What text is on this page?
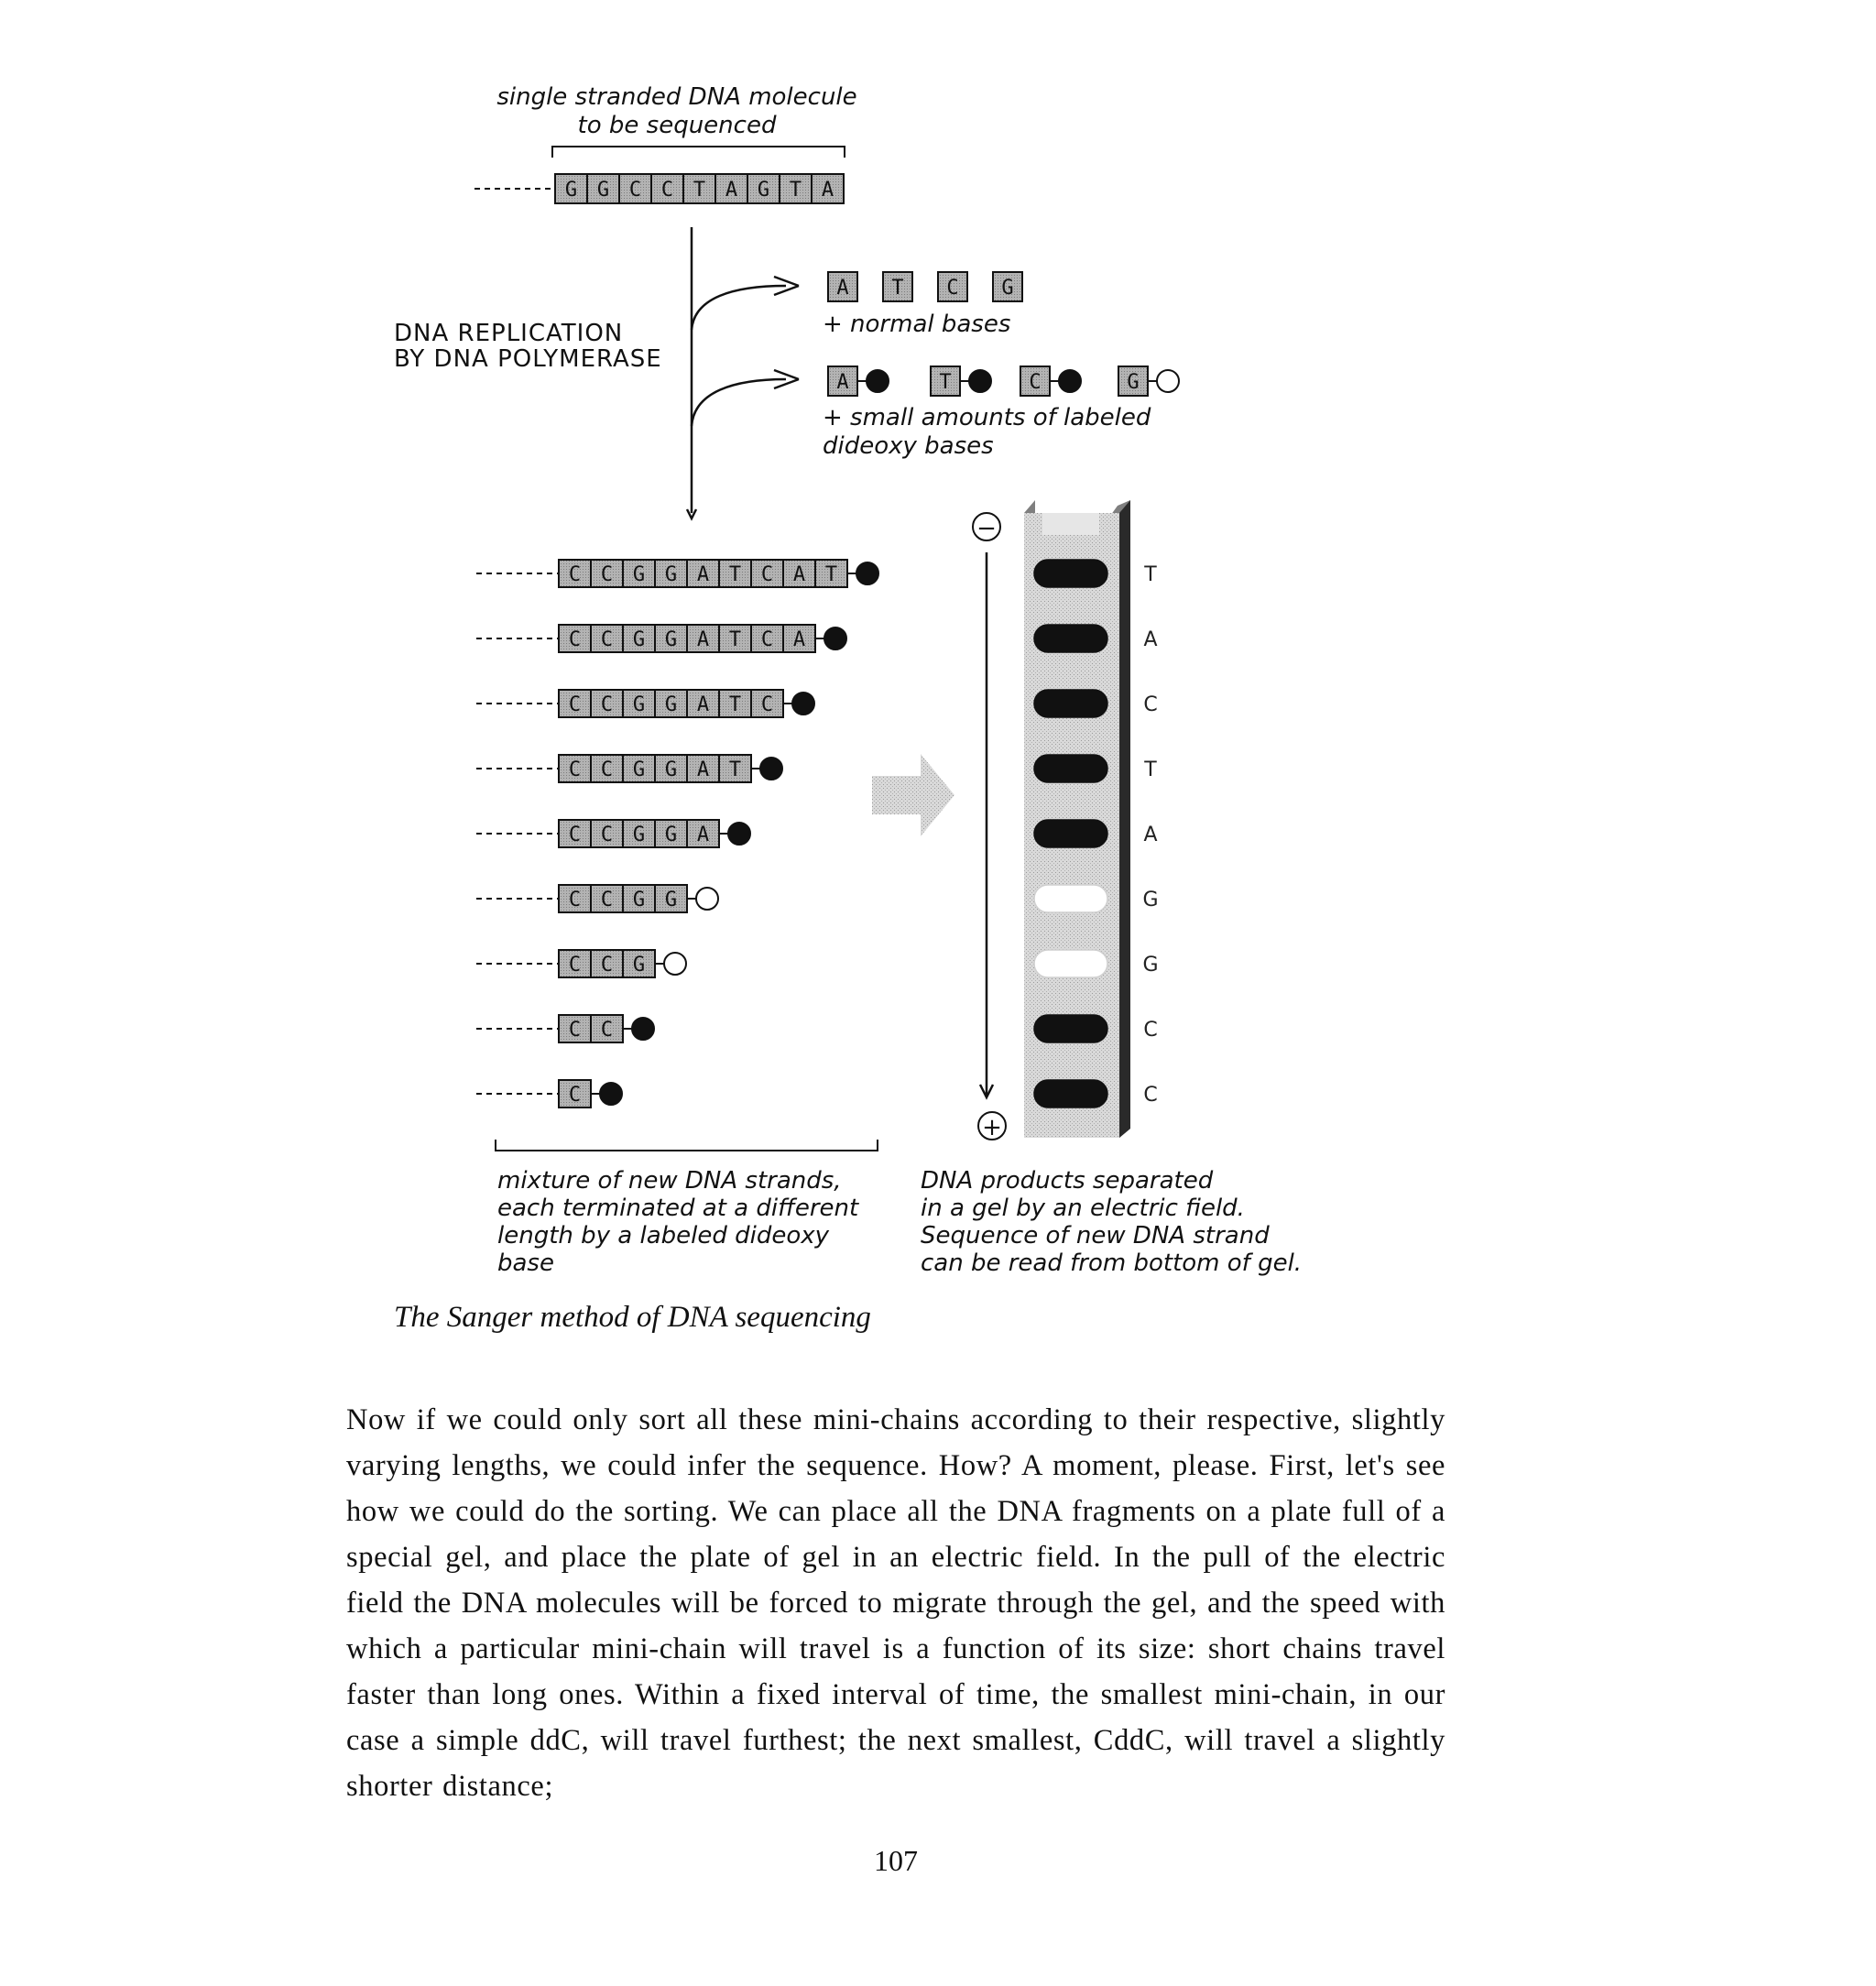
single stranded DNA molecule
to be sequenced
G G C C T A G T A
DNA REPLICATION
BY DNA POLYMERASE
A T C G
+ normal bases
A	T	C	G
+ small amounts of labeled
dideoxy bases
C C G G A T C A T
C C G G A T C A
C C G G A T C
C C G G A T
C C G G A
C C G G
C C G
C C
C
T
A
C
T
A
G
G
C
C
−
+
mixture of new DNA strands,
each terminated at a different
length by a labeled dideoxy
base
DNA products separated
in a gel by an electric field.
Sequence of new DNA strand
can be read from bottom of gel.
The Sanger method of DNA sequencing

Now if we could only sort all these mini-chains according to their respective, slightly varying lengths, we could infer the sequence. How? A moment, please. First, let's see how we could do the sorting. We can place all the DNA fragments on a plate full of a special gel, and place the plate of gel in an electric field. In the pull of the electric field the DNA molecules will be forced to migrate through the gel, and the speed with which a particular mini-chain will travel is a function of its size: short chains travel faster than long ones. Within a fixed interval of time, the smallest mini-chain, in our case a simple ddC, will travel furthest; the next smallest, CddC, will travel a slightly shorter distance;

107
